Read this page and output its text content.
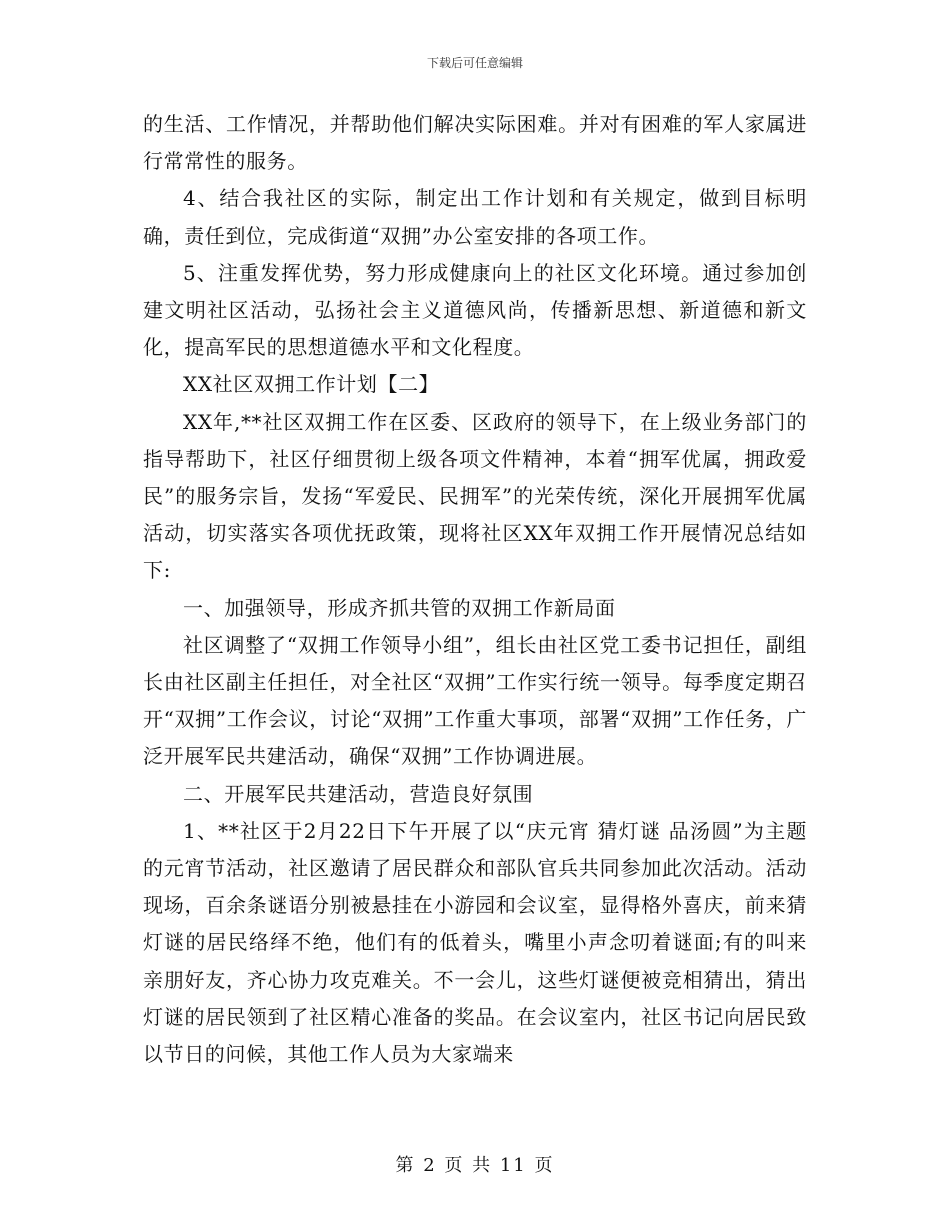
下载后可任意编辑

的生活、工作情况，并帮助他们解决实际困难。并对有困难的军人家属进行常常性的服务。

4、结合我社区的实际，制定出工作计划和有关规定，做到目标明确，责任到位，完成街道“双拥”办公室安排的各项工作。

5、注重发挥优势，努力形成健康向上的社区文化环境。通过参加创建文明社区活动，弘扬社会主义道德风尚，传播新思想、新道德和新文化，提高军民的思想道德水平和文化程度。

XX社区双拥工作计划【二】

XX年,**社区双拥工作在区委、区政府的领导下，在上级业务部门的指导帮助下，社区仔细贯彻上级各项文件精神，本着“拥军优属，拥政爱民”的服务宗旨，发扬“军爱民、民拥军”的光荣传统，深化开展拥军优属活动，切实落实各项优抚政策，现将社区XX年双拥工作开展情况总结如下:

一、加强领导，形成齐抓共管的双拥工作新局面

社区调整了“双拥工作领导小组”，组长由社区党工委书记担任，副组长由社区副主任担任，对全社区“双拥”工作实行统一领导。每季度定期召开“双拥”工作会议，讨论“双拥”工作重大事项，部署“双拥”工作任务，广泛开展军民共建活动，确保“双拥”工作协调进展。

二、开展军民共建活动，营造良好氛围

1、**社区于2月22日下午开展了以“庆元宵 猜灯谜 品汤圆”为主题的元宵节活动，社区邀请了居民群众和部队官兵共同参加此次活动。活动现场，百余条谜语分别被悬挂在小游园和会议室，显得格外喜庆，前来猜灯谜的居民络绎不绝，他们有的低着头，嘴里小声念叨着谜面;有的叫来亲朋好友，齐心协力攻克难关。不一会儿，这些灯谜便被竞相猜出，猜出灯谜的居民领到了社区精心准备的奖品。在会议室内，社区书记向居民致以节日的问候，其他工作人员为大家端来

第 2 页 共 11 页
